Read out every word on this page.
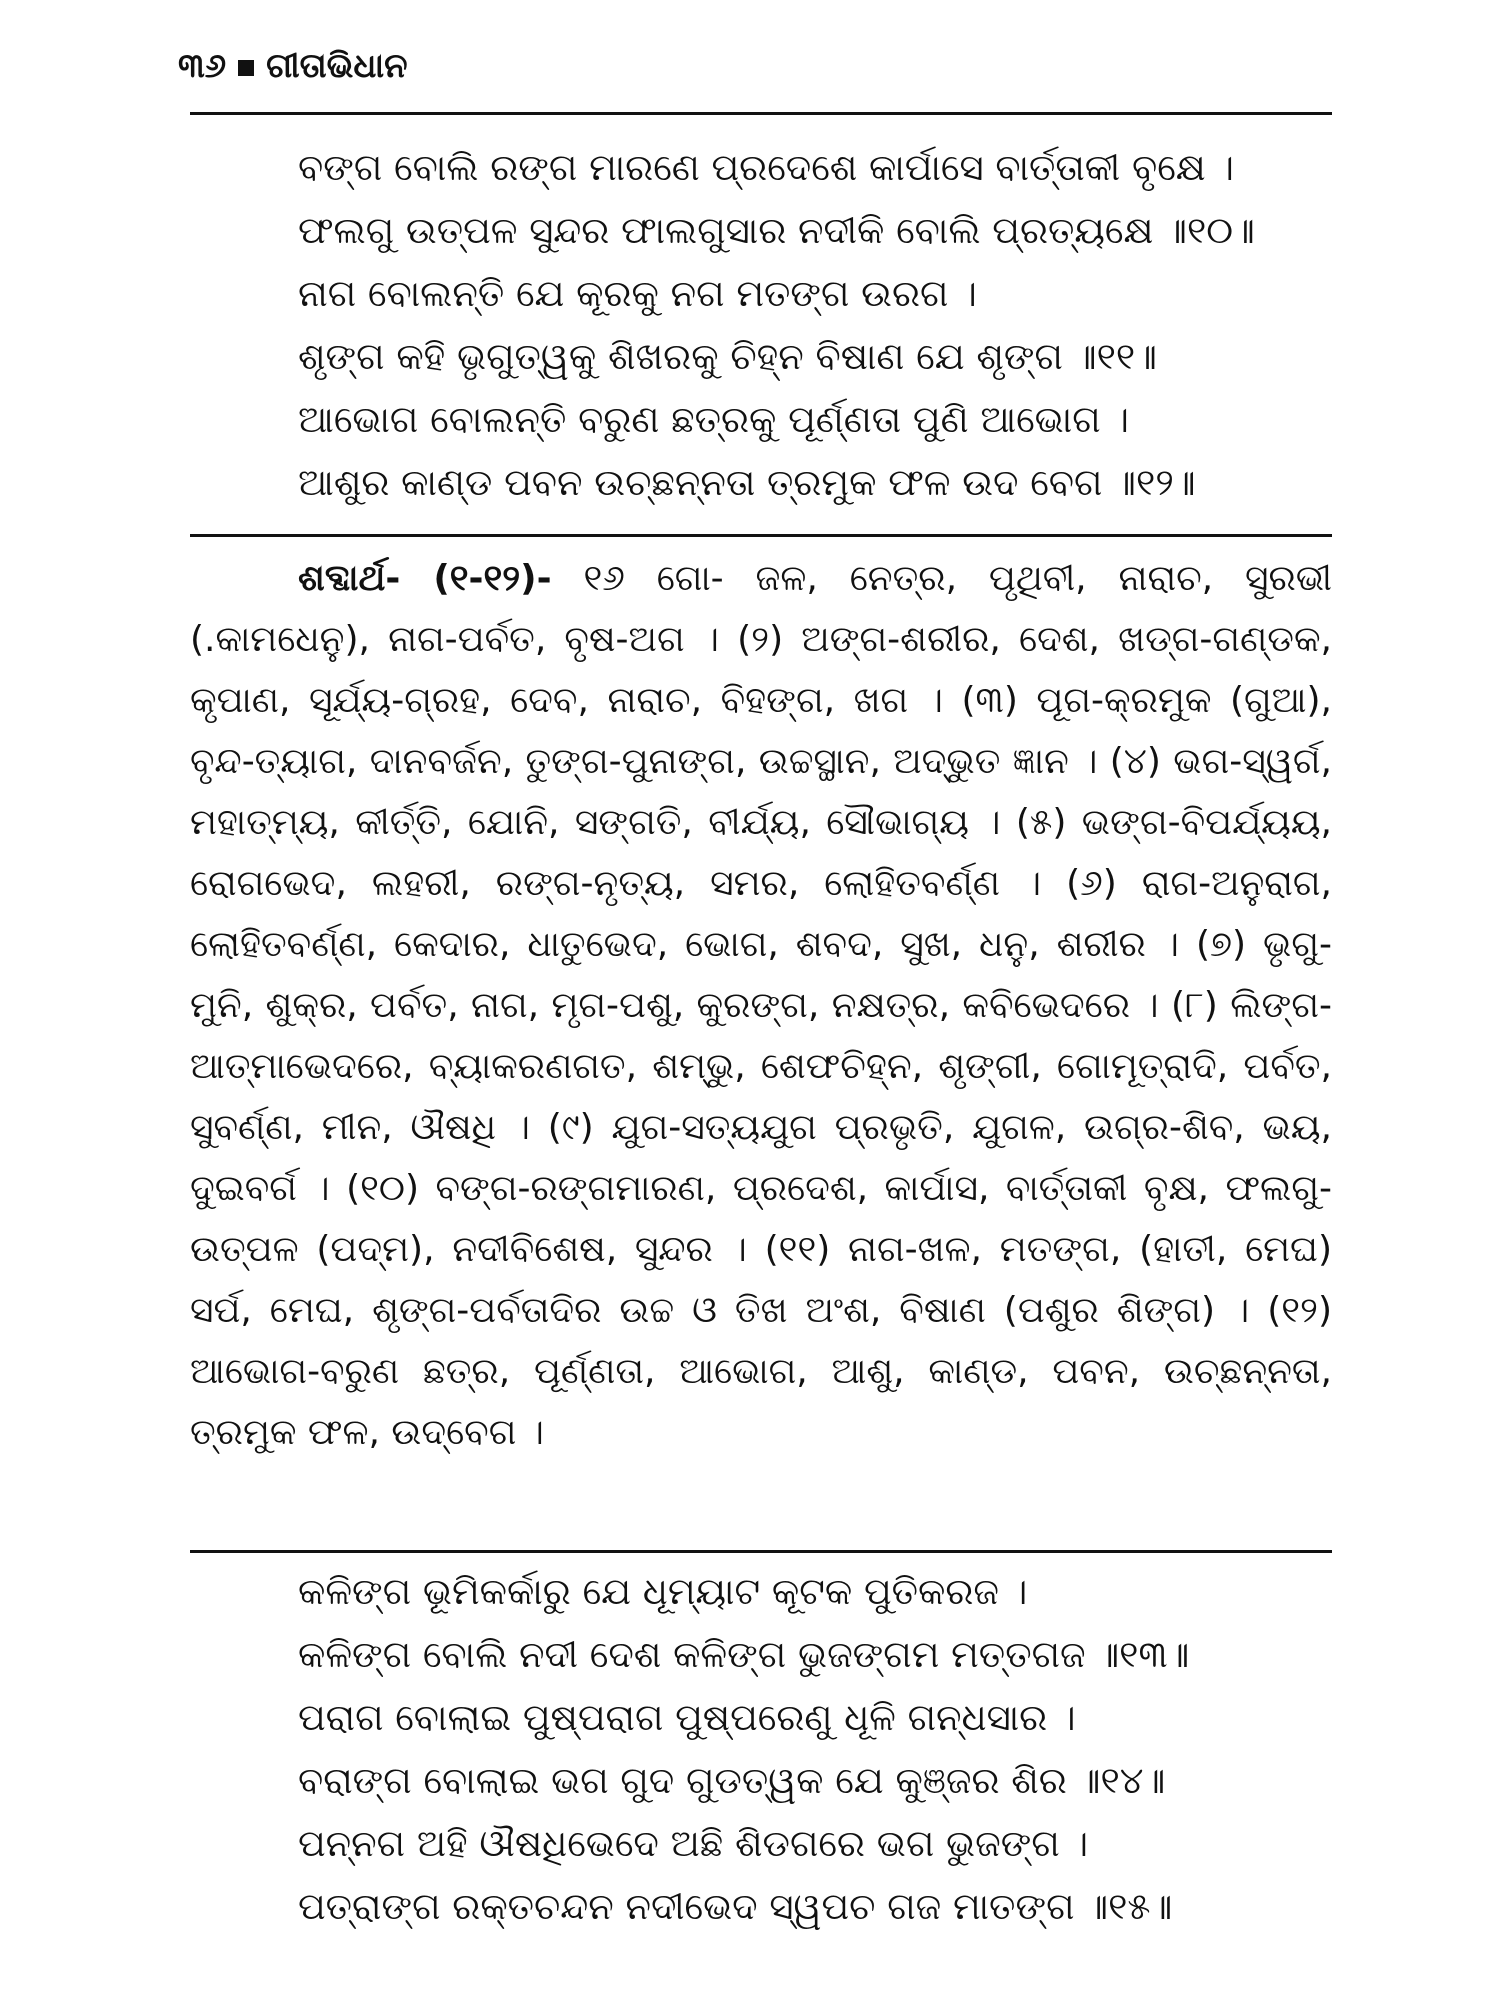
୩୬ ଗୀତାଭିଧାନ
ବଙ୍ଗ ବୋଲି ରଙ୍ଗ ମାରଣେ ପ୍ରଦେଶେ କାର୍ପାସେ ବାର୍ତ୍ତାକୀ ବୃକ୍ଷେ ।
ଫଲଗୁ ଉତ୍ପଳ ସୁନ୍ଦର ଫାଲଗୁସାର ନଦୀକି ବୋଲି ପ୍ରତ୍ୟକ୍ଷେ ॥୧୦॥
ନାଗ ବୋଲନ୍ତି ଯେ କୂରକୁ ନଗ ମତଙ୍ଗ ଉରଗ ।
ଶୃଙ୍ଗ କହି ଭୃଗୁତ୍ୱକୁ ଶିଖରକୁ ଚିହ୍ନ ବିଷାଣ ଯେ ଶୃଙ୍ଗ ॥୧୧॥
ଆଭୋଗ ବୋଲନ୍ତି ବରୁଣ ଛତ୍ରକୁ ପୂର୍ଣ୍ଣତା ପୁଣି ଆଭୋଗ ।
ଆଶୁର କାଣ୍ଡ ପବନ ଉଚ୍ଛନ୍ନତା ତ୍ରମୁକ ଫଳ ଉଦ ବେଗ ॥୧୨॥

ଶବ୍ଦାର୍ଥ- (୧-୧୨)- ୧୬ ଗୋ- ଜଳ, ନେତ୍ର, ପୃଥିବୀ, ନାରାଚ, ସୁରଭୀ (.କାମଧେନୁ), ନାଗ-ପର୍ବତ, ବୃଷ-ଅଗ । (୨) ଅଙ୍ଗ-ଶରୀର, ଦେଶ, ଖଡ୍ଗ-ଗଣ୍ଡକ, କୃପାଣ, ସୂର୍ଯ୍ୟ-ଗ୍ରହ, ଦେବ, ନାରାଚ, ବିହଙ୍ଗ, ଖଗ । (୩) ପୂଗ-କ୍ରମୁକ (ଗୁଆ), ବୃନ୍ଦ-ତ୍ୟାଗ, ଦାନବର୍ଜନ, ତୁଙ୍ଗ-ପୁନାଙ୍ଗ, ଉଚ୍ଚସ୍ଥାନ, ଅଦ୍ଭୁତ ଜ୍ଞାନ । (୪) ଭଗ-ସ୍ୱର୍ଗ, ମହାତ୍ମ୍ୟ, କୀର୍ତ୍ତି, ଯୋନି, ସଙ୍ଗତି, ବୀର୍ଯ୍ୟ, ସୌଭାଗ୍ୟ । (୫) ଭଙ୍ଗ-ବିପର୍ଯ୍ୟୟ, ରୋଗଭେଦ, ଲହରୀ, ରଙ୍ଗ-ନୃତ୍ୟ, ସମର, ଲୋହିତବର୍ଣ୍ଣ । (୬) ରାଗ-ଅନୁରାଗ, ଲୋହିତବର୍ଣ୍ଣ, କେଦାର, ଧାତୁଭେଦ, ଭୋଗ, ଶବଦ, ସୁଖ, ଧନୁ, ଶରୀର । (୭) ଭୃଗୁ-ମୁନି, ଶୁକ୍ର, ପର୍ବତ, ନାଗ, ମୃଗ-ପଶୁ, କୁରଙ୍ଗ, ନକ୍ଷତ୍ର, କବିଭେଦରେ । (୮) ଲିଙ୍ଗ-ଆତ୍ମାଭେଦରେ, ବ୍ୟାକରଣଗତ, ଶମ୍ଭୁ, ଶେଫଚିହ୍ନ, ଶୃଙ୍ଗୀ, ଗୋମୂତ୍ରାଦି, ପର୍ବତ, ସୁବର୍ଣ୍ଣ, ମୀନ, ଔଷଧି । (୯) ଯୁଗ-ସତ୍ୟଯୁଗ ପ୍ରଭୃତି, ଯୁଗଳ, ଉଗ୍ର-ଶିବ, ଭୟ, ଦୁଇବର୍ଗ । (୧୦) ବଙ୍ଗ-ରଙ୍ଗମାରଣ, ପ୍ରଦେଶ, କାର୍ପାସ, ବାର୍ତ୍ତାକୀ ବୃକ୍ଷ, ଫଲଗୁ-ଉତ୍ପଳ (ପଦ୍ମ), ନଦୀବିଶେଷ, ସୁନ୍ଦର । (୧୧) ନାଗ-ଖଳ, ମତଙ୍ଗ, (ହାତୀ, ମେଘ) ସର୍ପ, ମେଘ, ଶୃଙ୍ଗ-ପର୍ବତାଦିର ଉଚ୍ଚ ଓ ତିଖ ଅଂଶ, ବିଷାଣ (ପଶୁର ଶିଙ୍ଗ) । (୧୨) ଆଭୋଗ-ବରୁଣ ଛତ୍ର, ପୂର୍ଣ୍ଣତା, ଆଭୋଗ, ଆଶୁ, କାଣ୍ଡ, ପବନ, ଉଚ୍ଛନ୍ନତା, ତ୍ରମୁକ ଫଳ, ଉଦ୍‌ବେଗ ।

କଳିଙ୍ଗ ଭୂମିକର୍କାରୁ ଯେ ଧୂମ୍ୟାଟ କୂଟକ ପୁତିକରଜ ।
କଳିଙ୍ଗ ବୋଲି ନଦୀ ଦେଶ କଳିଙ୍ଗ ଭୁଜଙ୍ଗମ ମତ୍ତଗଜ ॥୧୩॥
ପରାଗ ବୋଲାଇ ପୁଷ୍ପରାଗ ପୁଷ୍ପରେଣୁ ଧୂଳି ଗନ୍ଧସାର ।
ବରାଙ୍ଗ ବୋଲାଇ ଭଗ ଗୁଦ ଗୁଡତ୍ୱକ ଯେ କୁଞ୍ଜର ଶିର ॥୧୪॥
ପନ୍ନଗ ଅହି ଔଷଧିଭେଦେ ଅଛି ଶିଡଗରେ ଭଗ ଭୁଜଙ୍ଗ ।
ପତ୍ରାଙ୍ଗ ରକ୍ତଚନ୍ଦନ ନଦୀଭେଦ ସ୍ୱପଚ ଗଜ ମାତଙ୍ଗ ॥୧୫॥
